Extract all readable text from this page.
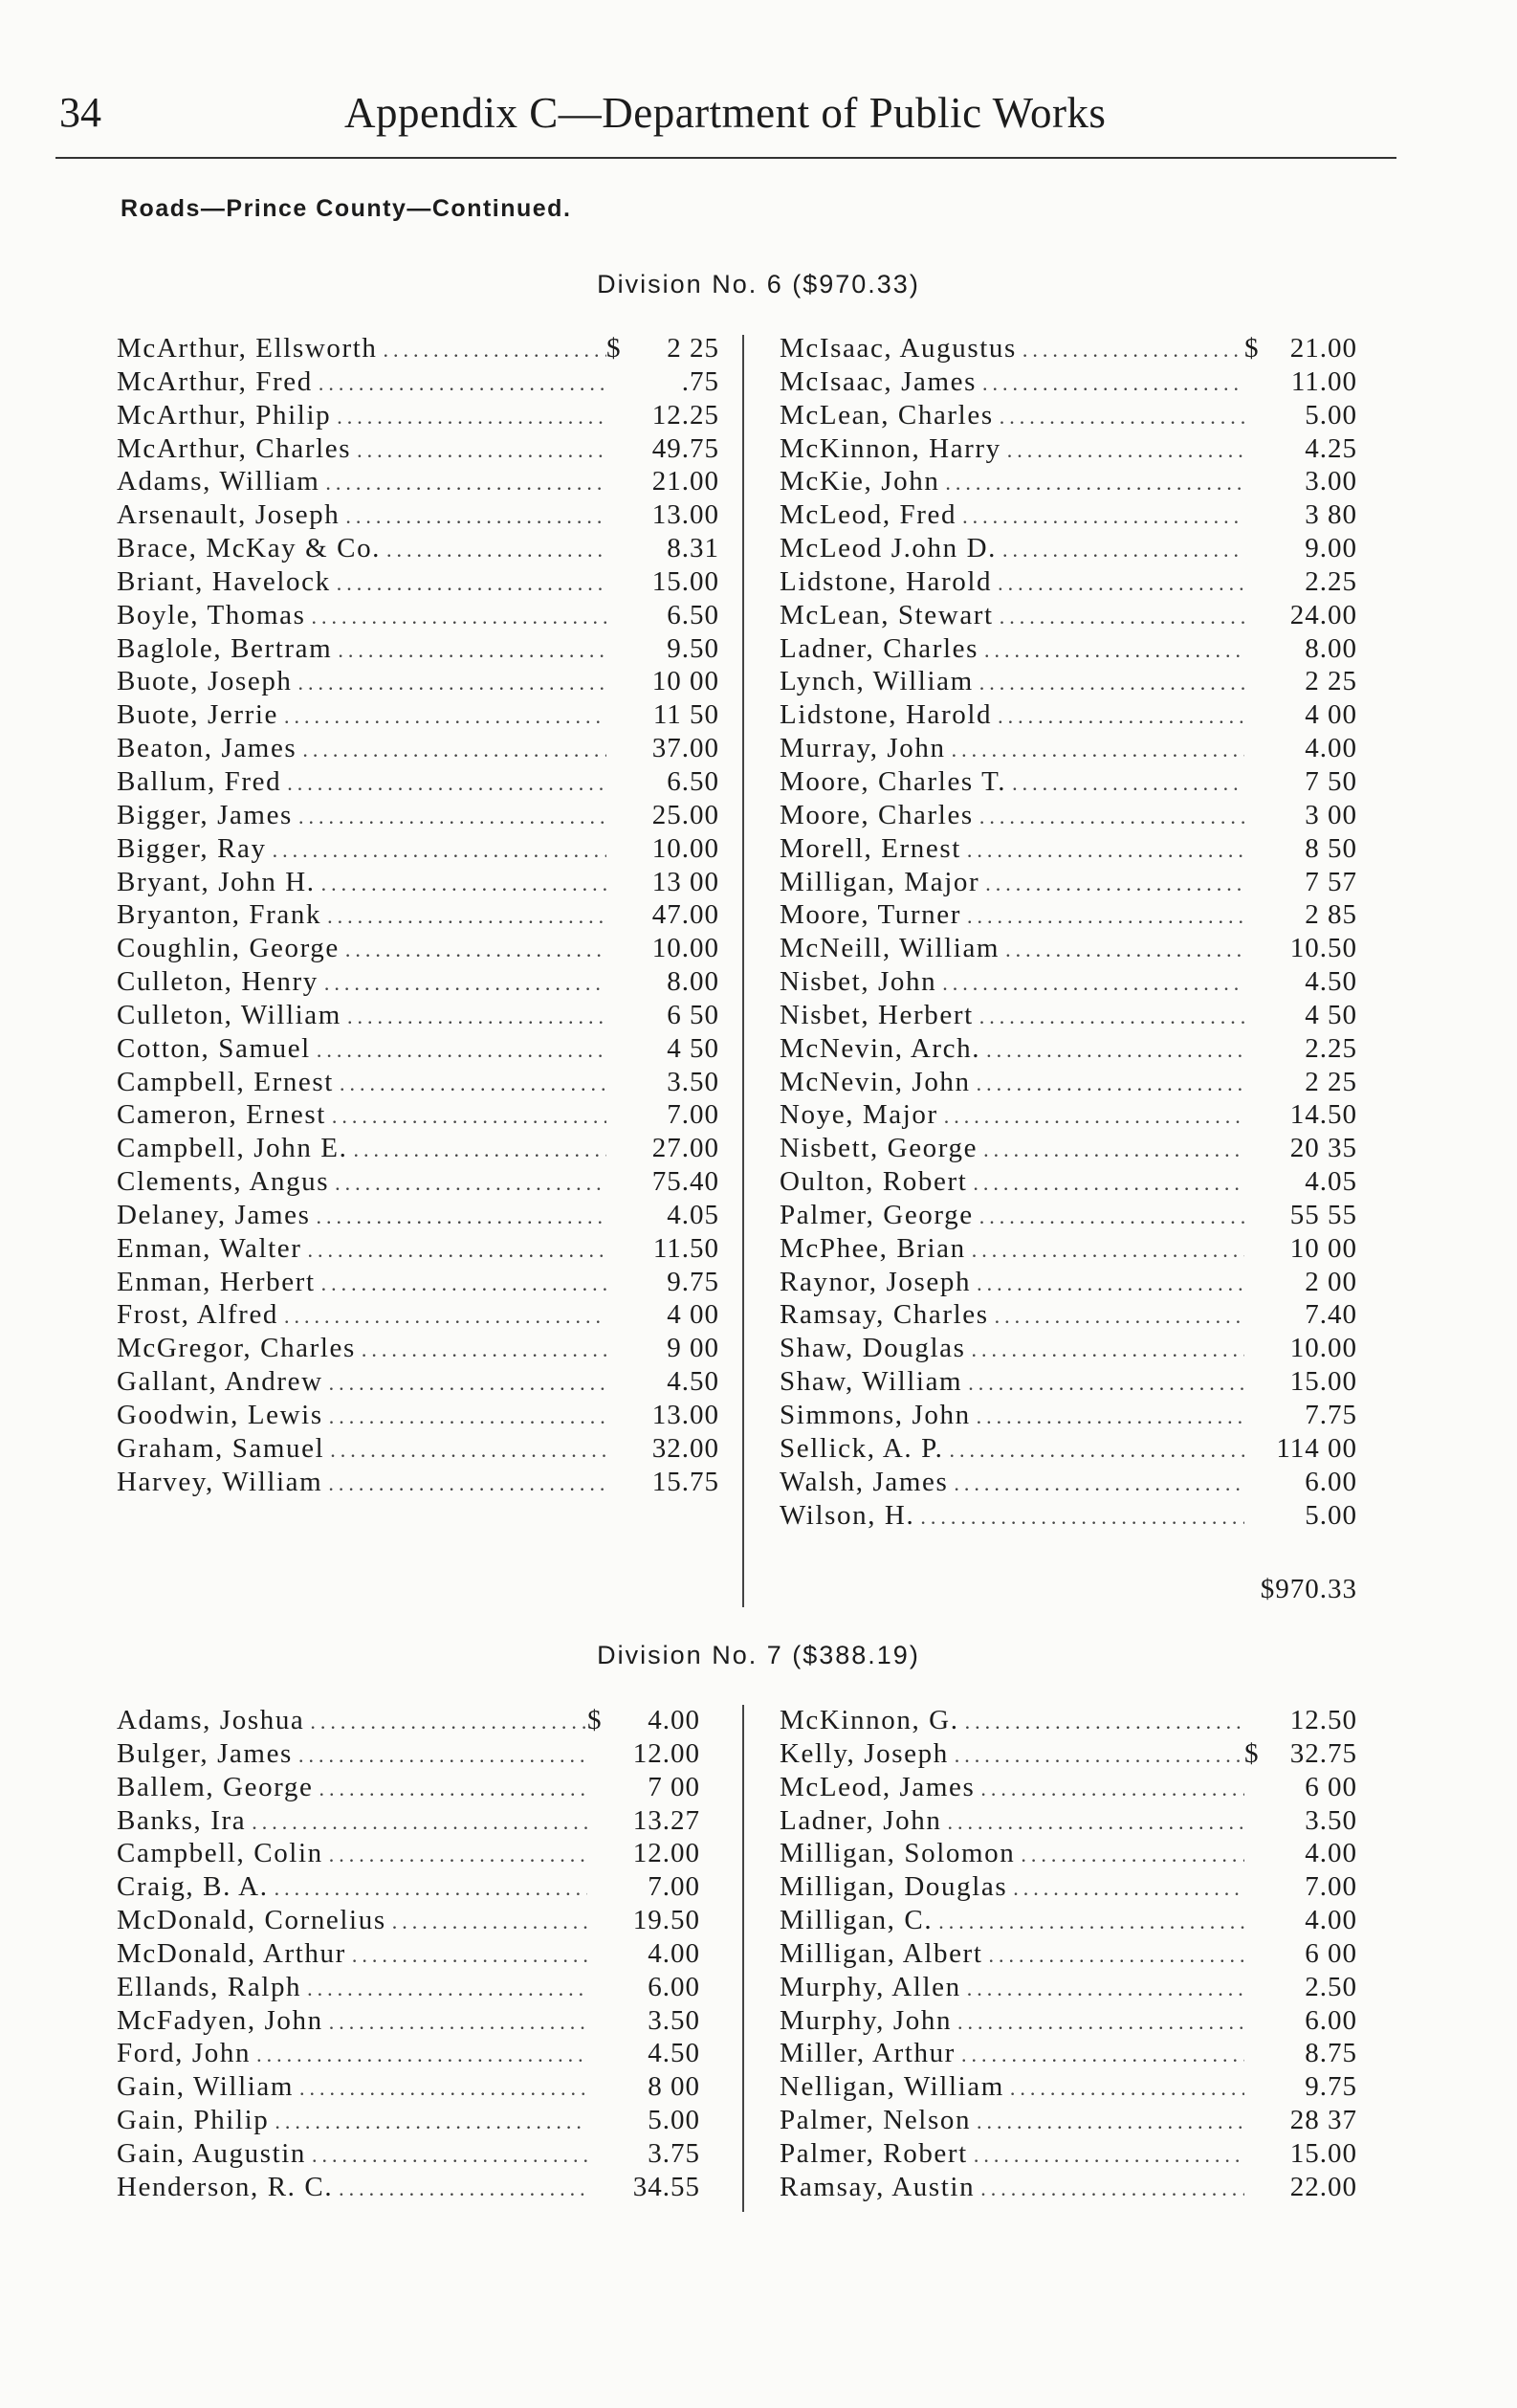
34	Appendix C—Department of Public Works
Roads—Prince County—Continued.
Division No. 6 ($970.33)
McArthur, Ellsworth .....	$	2 25
McArthur, Fred .....	.75
McArthur, Philip .....	12.25
McArthur, Charles .....	49.75
Adams, William .....	21.00
Arsenault, Joseph .....	13.00
Brace, McKay & Co. .....	8.31
Briant, Havelock .....	15.00
Boyle, Thomas .....	6.50
Baglole, Bertram .....	9.50
Buote, Joseph .....	10 00
Buote, Jerrie .....	11 50
Beaton, James .....	37.00
Ballum, Fred .....	6.50
Bigger, James .....	25.00
Bigger, Ray .....	10.00
Bryant, John H. .....	13 00
Bryanton, Frank .....	47.00
Coughlin, George .....	10.00
Culleton, Henry .....	8.00
Culleton, William .....	6 50
Cotton, Samuel .....	4 50
Campbell, Ernest .....	3.50
Cameron, Ernest .....	7.00
Campbell, John E. .....	27.00
Clements, Angus .....	75.40
Delaney, James .....	4.05
Enman, Walter .....	11.50
Enman, Herbert .....	9.75
Frost, Alfred .....	4 00
McGregor, Charles .....	9 00
Gallant, Andrew .....	4.50
Goodwin, Lewis .....	13.00
Graham, Samuel .....	32.00
Harvey, William .....	15.75
McIsaac, Augustus .....	$	21.00
McIsaac, James .....	11.00
McLean, Charles .....	5.00
McKinnon, Harry .....	4.25
McKie, John .....	3.00
McLeod, Fred .....	3 80
McLeod J.ohn D. .....	9.00
Lidstone, Harold .....	2.25
McLean, Stewart .....	24.00
Ladner, Charles .....	8.00
Lynch, William .....	2 25
Lidstone, Harold .....	4 00
Murray, John .....	4.00
Moore, Charles T. .....	7 50
Moore, Charles .....	3 00
Morell, Ernest .....	8 50
Milligan, Major .....	7 57
Moore, Turner .....	2 85
McNeill, William .....	10.50
Nisbet, John .....	4.50
Nisbet, Herbert .....	4 50
McNevin, Arch. .....	2.25
McNevin, John .....	2 25
Noye, Major .....	14.50
Nisbett, George .....	20 35
Oulton, Robert .....	4.05
Palmer, George .....	55 55
McPhee, Brian .....	10 00
Raynor, Joseph .....	2 00
Ramsay, Charles .....	7.40
Shaw, Douglas .....	10.00
Shaw, William .....	15.00
Simmons, John .....	7.75
Sellick, A. P. .....	114 00
Walsh, James .....	6.00
Wilson, H. .....	5.00
$970.33
Division No. 7 ($388.19)
Adams, Joshua .....	$	4.00
Bulger, James .....	12.00
Ballem, George .....	7 00
Banks, Ira .....	13.27
Campbell, Colin .....	12.00
Craig, B. A. .....	7.00
McDonald, Cornelius .....	19.50
McDonald, Arthur .....	4.00
Ellands, Ralph .....	6.00
McFadyen, John .....	3.50
Ford, John .....	4.50
Gain, William .....	8 00
Gain, Philip .....	5.00
Gain, Augustin .....	3.75
Henderson, R. C. .....	34.55
McKinnon, G. .....	12.50
Kelly, Joseph .....	$	32.75
McLeod, James .....	6 00
Ladner, John .....	3.50
Milligan, Solomon .....	4.00
Milligan, Douglas .....	7.00
Milligan, C. .....	4.00
Milligan, Albert .....	6 00
Murphy, Allen .....	2.50
Murphy, John .....	6.00
Miller, Arthur .....	8.75
Nelligan, William .....	9.75
Palmer, Nelson .....	28 37
Palmer, Robert .....	15.00
Ramsay, Austin .....	22.00
